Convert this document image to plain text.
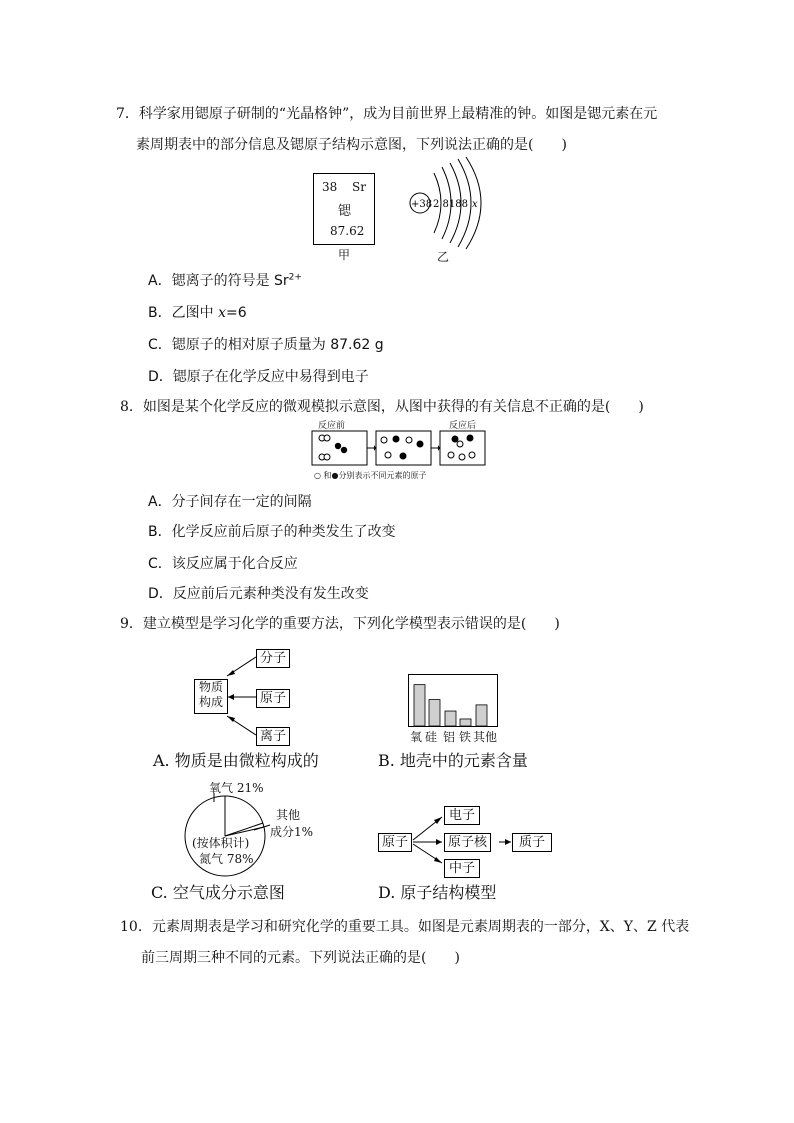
7．科学家用锶原子研制的“光晶格钟”，成为目前世界上最精准的钟。如图是锶元素在元
素周期表中的部分信息及锶原子结构示意图，下列说法正确的是(　　)
38 Sr
锶
87.62
甲
+38 2 8188 x
乙
A．锶离子的符号是 $Sr^{2+}$
B．乙图中 x=6
C．锶原子的相对原子质量为 87.62 g
D．锶原子在化学反应中易得到电子
8．如图是某个化学反应的微观模拟示意图，从图中获得的有关信息不正确的是(　　)
反应前	反应后
○ 和●分别表示不同元素的原子
A．分子间存在一定的间隔
B．化学反应前后原子的种类发生了改变
C．该反应属于化合反应
D．反应前后元素种类没有发生改变
9．建立模型是学习化学的重要方法，下列化学模型表示错误的是(　　)
物质
构成
分子
原子
离子
A. 物质是由微粒构成的
氧 硅 铝 铁 其他
B. 地壳中的元素含量
氧气 21%
其他
成分1%
(按体积计)
氮气 78%
C. 空气成分示意图
原子
电子
原子核
中子
质子
D. 原子结构模型
10．元素周期表是学习和研究化学的重要工具。如图是元素周期表的一部分，X、Y、Z 代表
前三周期三种不同的元素。下列说法正确的是(　　)
